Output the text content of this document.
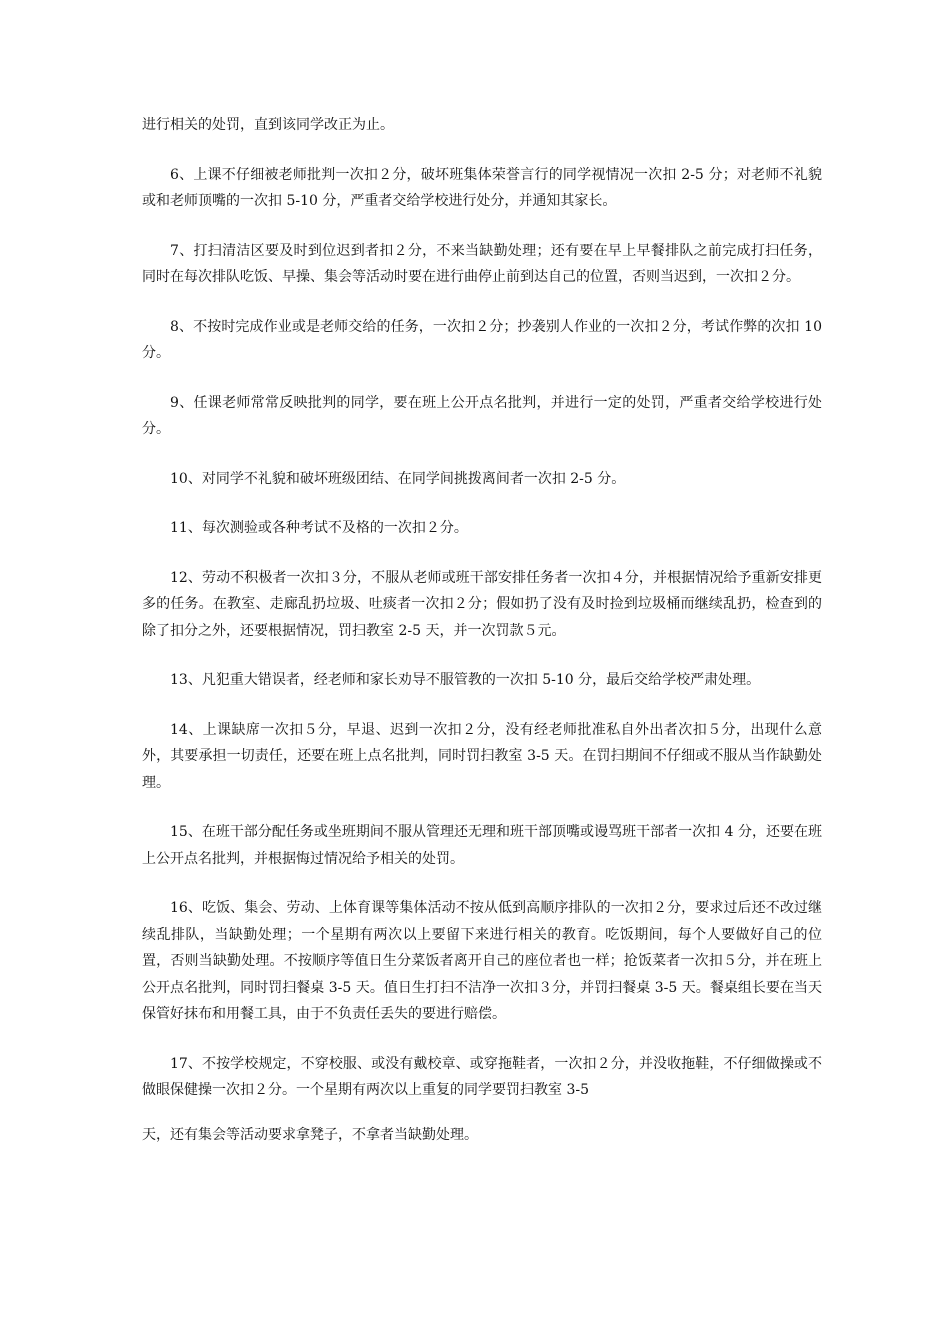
进行相关的处罚，直到该同学改正为止。

6、上课不仔细被老师批判一次扣２分，破坏班集体荣誉言行的同学视情况一次扣 2-5 分；对老师不礼貌或和老师顶嘴的一次扣 5-10 分，严重者交给学校进行处分，并通知其家长。

7、打扫清洁区要及时到位迟到者扣２分，不来当缺勤处理；还有要在早上早餐排队之前完成打扫任务，同时在每次排队吃饭、早操、集会等活动时要在进行曲停止前到达自己的位置，否则当迟到，一次扣２分。

8、不按时完成作业或是老师交给的任务，一次扣２分；抄袭别人作业的一次扣２分，考试作弊的次扣 10 分。

9、任课老师常常反映批判的同学，要在班上公开点名批判，并进行一定的处罚，严重者交给学校进行处分。

10、对同学不礼貌和破坏班级团结、在同学间挑拨离间者一次扣 2-5 分。

11、每次测验或各种考试不及格的一次扣２分。

12、劳动不积极者一次扣３分，不服从老师或班干部安排任务者一次扣４分，并根据情况给予重新安排更多的任务。在教室、走廊乱扔垃圾、吐痰者一次扣２分；假如扔了没有及时捡到垃圾桶而继续乱扔，检查到的除了扣分之外，还要根据情况，罚扫教室 2-5 天，并一次罚款５元。

13、凡犯重大错误者，经老师和家长劝导不服管教的一次扣 5-10 分，最后交给学校严肃处理。

14、上课缺席一次扣５分，早退、迟到一次扣２分，没有经老师批准私自外出者次扣５分，出现什么意外，其要承担一切责任，还要在班上点名批判，同时罚扫教室 3-5 天。在罚扫期间不仔细或不服从当作缺勤处理。

15、在班干部分配任务或坐班期间不服从管理还无理和班干部顶嘴或谩骂班干部者一次扣 4 分，还要在班上公开点名批判，并根据悔过情况给予相关的处罚。

16、吃饭、集会、劳动、上体育课等集体活动不按从低到高顺序排队的一次扣２分，要求过后还不改过继续乱排队，当缺勤处理；一个星期有两次以上要留下来进行相关的教育。吃饭期间，每个人要做好自己的位置，否则当缺勤处理。不按顺序等值日生分菜饭者离开自己的座位者也一样；抢饭菜者一次扣５分，并在班上公开点名批判，同时罚扫餐桌 3-5 天。值日生打扫不洁净一次扣３分，并罚扫餐桌 3-5 天。餐桌组长要在当天保管好抹布和用餐工具，由于不负责任丢失的要进行赔偿。

17、不按学校规定，不穿校服、或没有戴校章、或穿拖鞋者，一次扣２分，并没收拖鞋，不仔细做操或不做眼保健操一次扣２分。一个星期有两次以上重复的同学要罚扫教室 3-5

天，还有集会等活动要求拿凳子，不拿者当缺勤处理。
